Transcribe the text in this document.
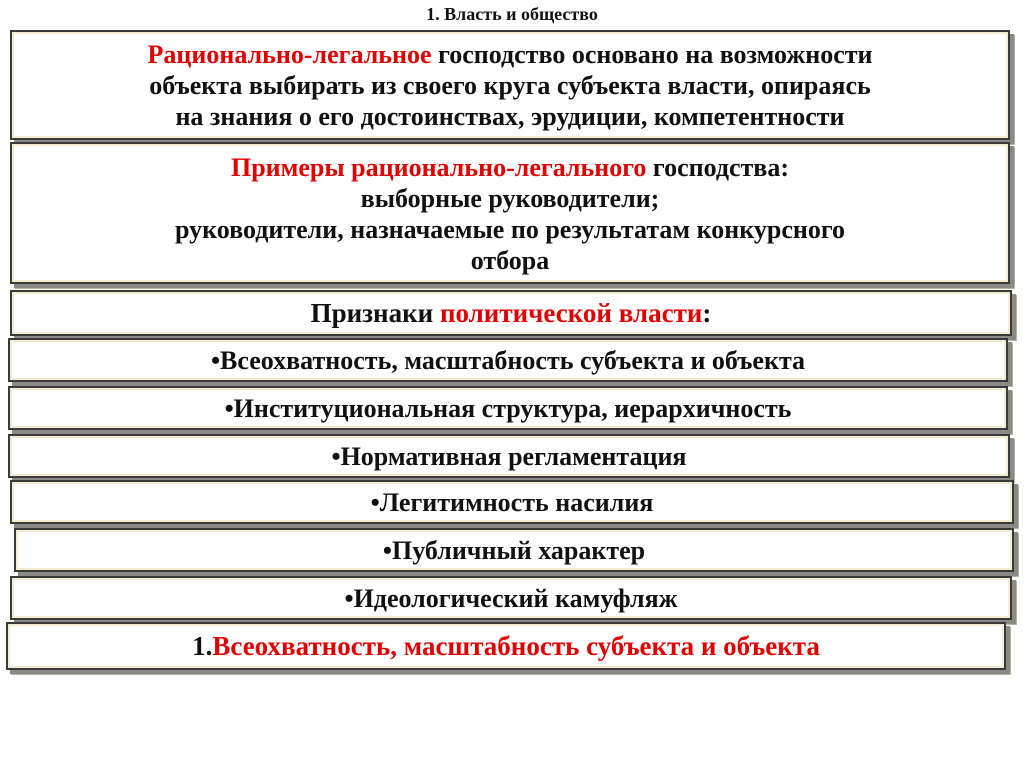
1. Власть и общество
Рационально-легальное господство основано на возможности
объекта выбирать из своего круга субъекта власти, опираясь
на знания о его достоинствах, эрудиции, компетентности
Примеры рационально-легального господства:
выборные руководители;
руководители, назначаемые по результатам конкурсного
отбора
Признаки политической власти:
•Всеохватность, масштабность субъекта и объекта
•Институциональная структура, иерархичность
•Нормативная регламентация
•Легитимность насилия
•Публичный характер
•Идеологический камуфляж
1.Всеохватность, масштабность субъекта и объекта
